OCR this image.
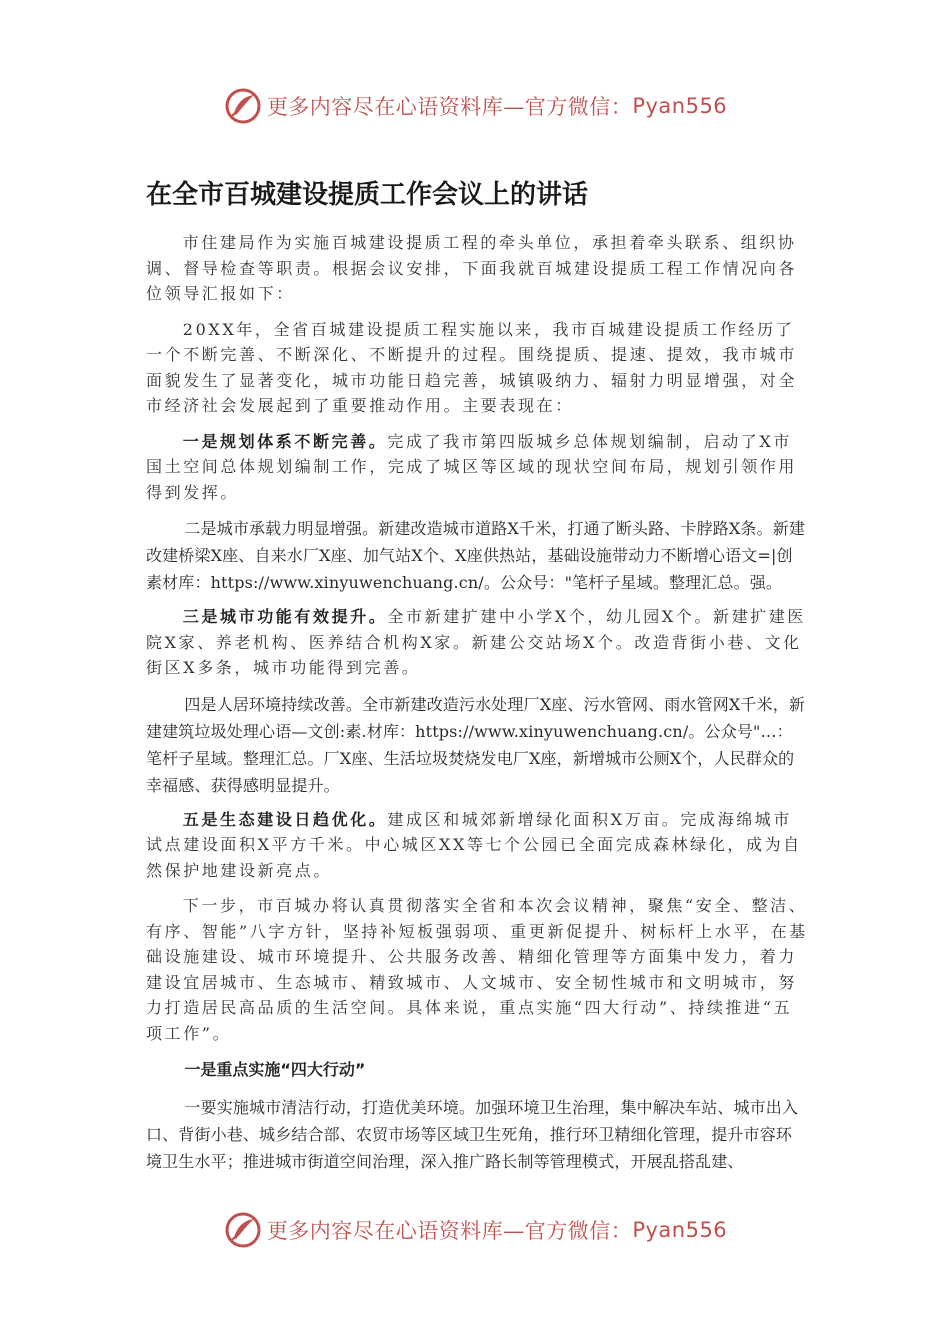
更多内容尽在心语资料库—官方微信： Pyan556
在全市百城建设提质工作会议上的讲话

市住建局作为实施百城建设提质工程的牵头单位，承担着牵头联系、组织协调、督导检查等职责。根据会议安排，下面我就百城建设提质工程工作情况向各位领导汇报如下：

20XX年，全省百城建设提质工程实施以来，我市百城建设提质工作经历了一个不断完善、不断深化、不断提升的过程。围绕提质、提速、提效，我市城市面貌发生了显著变化，城市功能日趋完善，城镇吸纳力、辐射力明显增强，对全市经济社会发展起到了重要推动作用。主要表现在：

一是规划体系不断完善。完成了我市第四版城乡总体规划编制，启动了X市国土空间总体规划编制工作，完成了城区等区域的现状空间布局，规划引领作用得到发挥。

二是城市承载力明显增强。新建改造城市道路X千米，打通了断头路、卡脖路X条。新建改建桥梁X座、自来水厂X座、加气站X个、X座供热站，基础设施带动力不断增心语文=|创素材库：https://www.xinyuwenchuang.cn/。公众号："笔杆子星域。整理汇总。强。

三是城市功能有效提升。全市新建扩建中小学X个，幼儿园X个。新建扩建医院X家、养老机构、医养结合机构X家。新建公交站场X个。改造背街小巷、文化街区X多条，城市功能得到完善。

四是人居环境持续改善。全市新建改造污水处理厂X座、污水管网、雨水管网X千米，新建建筑垃圾处理心语—文创:素.材库：https://www.xinyuwenchuang.cn/。公众号"…：笔杆子星域。整理汇总。厂X座、生活垃圾焚烧发电厂X座，新增城市公厕X个，人民群众的幸福感、获得感明显提升。

五是生态建设日趋优化。建成区和城郊新增绿化面积X万亩。完成海绵城市试点建设面积X平方千米。中心城区XX等七个公园已全面完成森林绿化，成为自然保护地建设新亮点。

下一步，市百城办将认真贯彻落实全省和本次会议精神，聚焦“安全、整洁、有序、智能”八字方针，坚持补短板强弱项、重更新促提升、树标杆上水平，在基础设施建设、城市环境提升、公共服务改善、精细化管理等方面集中发力，着力建设宜居城市、生态城市、精致城市、人文城市、安全韧性城市和文明城市，努力打造居民高品质的生活空间。具体来说，重点实施“四大行动”、持续推进“五项工作”。

一是重点实施“四大行动”

一要实施城市清洁行动，打造优美环境。加强环境卫生治理，集中解决车站、城市出入口、背街小巷、城乡结合部、农贸市场等区域卫生死角，推行环卫精细化管理，提升市容环境卫生水平；推进城市街道空间治理，深入推广路长制等管理模式，开展乱搭乱建、

更多内容尽在心语资料库—官方微信： Pyan556
